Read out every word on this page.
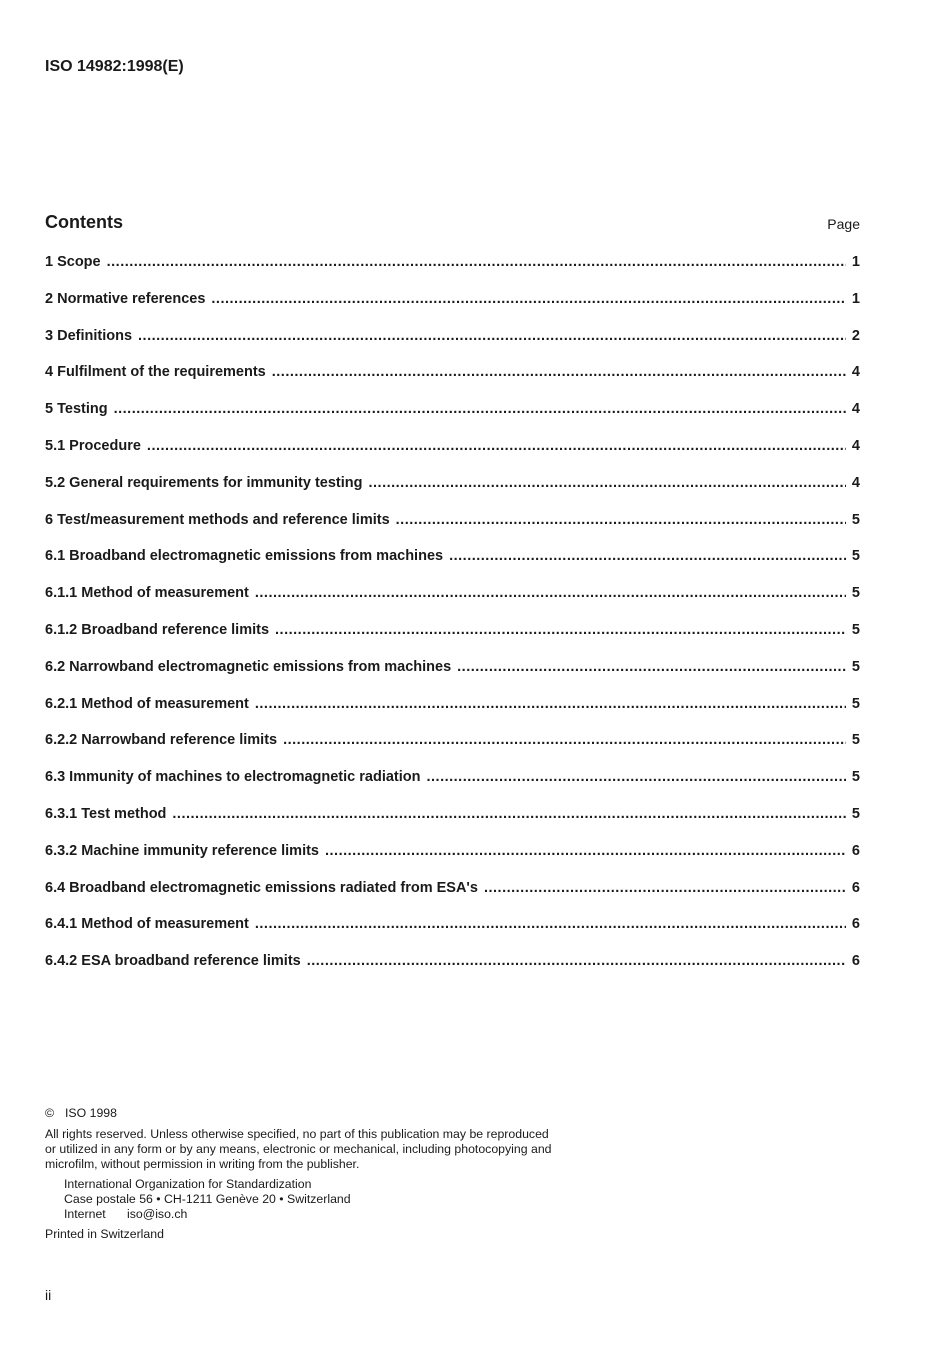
ISO 14982:1998(E)
Contents	Page
1 Scope .....	1
2 Normative references .....	1
3 Definitions .....	2
4 Fulfilment of the requirements .....	4
5 Testing .....	4
5.1 Procedure .....	4
5.2 General requirements for immunity testing .....	4
6 Test/measurement methods and reference limits .....	5
6.1 Broadband electromagnetic emissions from machines .....	5
6.1.1 Method of measurement .....	5
6.1.2 Broadband reference limits .....	5
6.2 Narrowband electromagnetic emissions from machines .....	5
6.2.1 Method of measurement .....	5
6.2.2 Narrowband reference limits .....	5
6.3 Immunity of machines to electromagnetic radiation .....	5
6.3.1 Test method .....	5
6.3.2 Machine immunity reference limits .....	6
6.4 Broadband electromagnetic emissions radiated from ESA's .....	6
6.4.1 Method of measurement .....	6
6.4.2 ESA broadband reference limits .....	6
© ISO 1998
All rights reserved. Unless otherwise specified, no part of this publication may be reproduced
or utilized in any form or by any means, electronic or mechanical, including photocopying and
microfilm, without permission in writing from the publisher.
International Organization for Standardization
Case postale 56 • CH-1211 Genève 20 • Switzerland
Internet iso@iso.ch
Printed in Switzerland
ii
